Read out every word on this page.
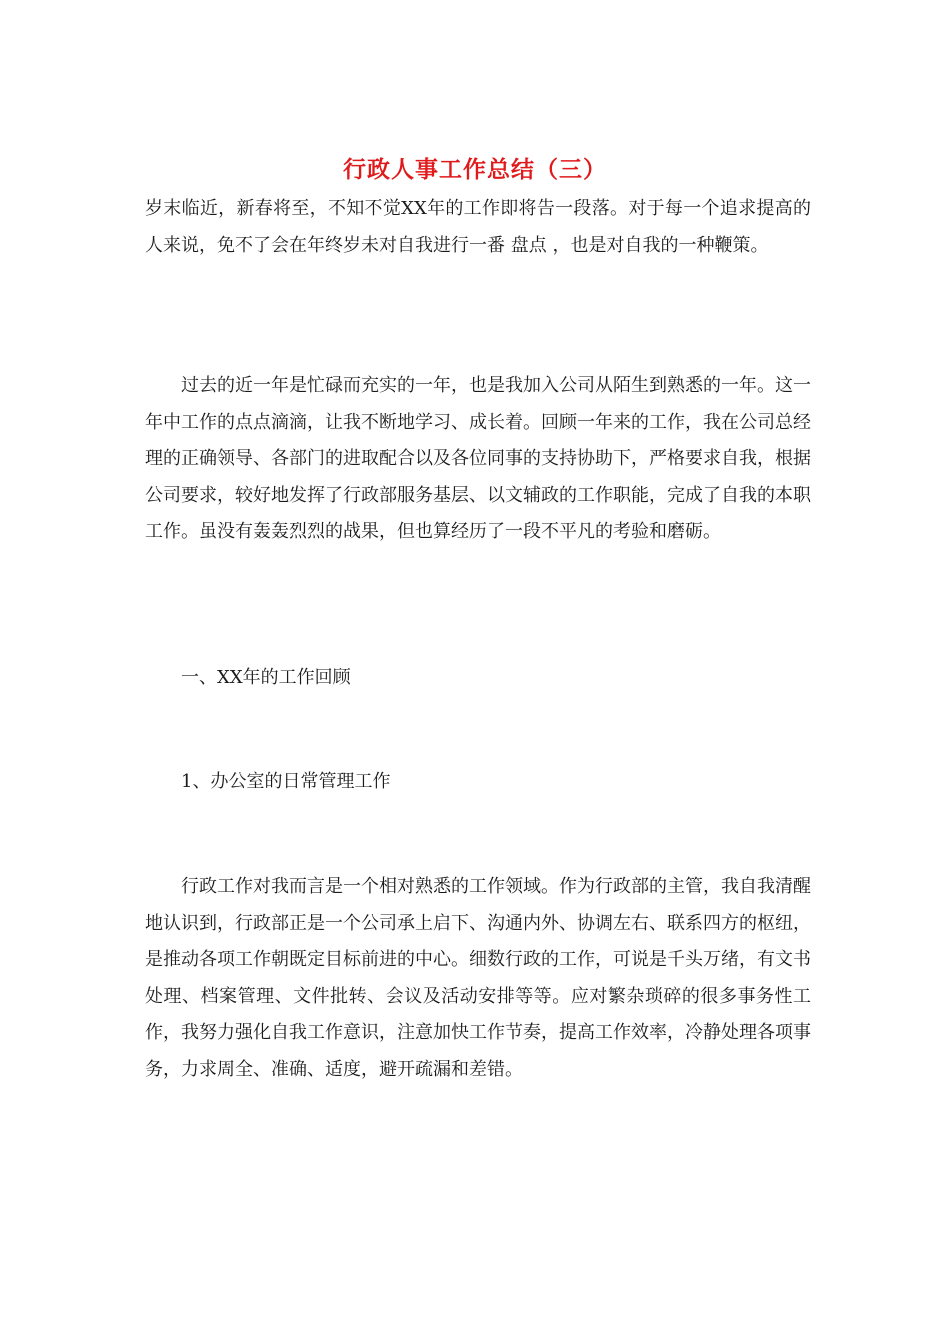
行政人事工作总结（三）

岁末临近，新春将至，不知不觉XX年的工作即将告一段落。对于每一个追求提高的人来说，免不了会在年终岁未对自我进行一番 盘点 ，也是对自我的一种鞭策。

过去的近一年是忙碌而充实的一年，也是我加入公司从陌生到熟悉的一年。这一年中工作的点点滴滴，让我不断地学习、成长着。回顾一年来的工作，我在公司总经理的正确领导、各部门的进取配合以及各位同事的支持协助下，严格要求自我，根据公司要求，较好地发挥了行政部服务基层、以文辅政的工作职能，完成了自我的本职工作。虽没有轰轰烈烈的战果，但也算经历了一段不平凡的考验和磨砺。

一、XX年的工作回顾

1、办公室的日常管理工作

行政工作对我而言是一个相对熟悉的工作领域。作为行政部的主管，我自我清醒地认识到，行政部正是一个公司承上启下、沟通内外、协调左右、联系四方的枢纽，是推动各项工作朝既定目标前进的中心。细数行政的工作，可说是千头万绪，有文书处理、档案管理、文件批转、会议及活动安排等等。应对繁杂琐碎的很多事务性工作，我努力强化自我工作意识，注意加快工作节奏，提高工作效率，冷静处理各项事务，力求周全、准确、适度，避开疏漏和差错。
